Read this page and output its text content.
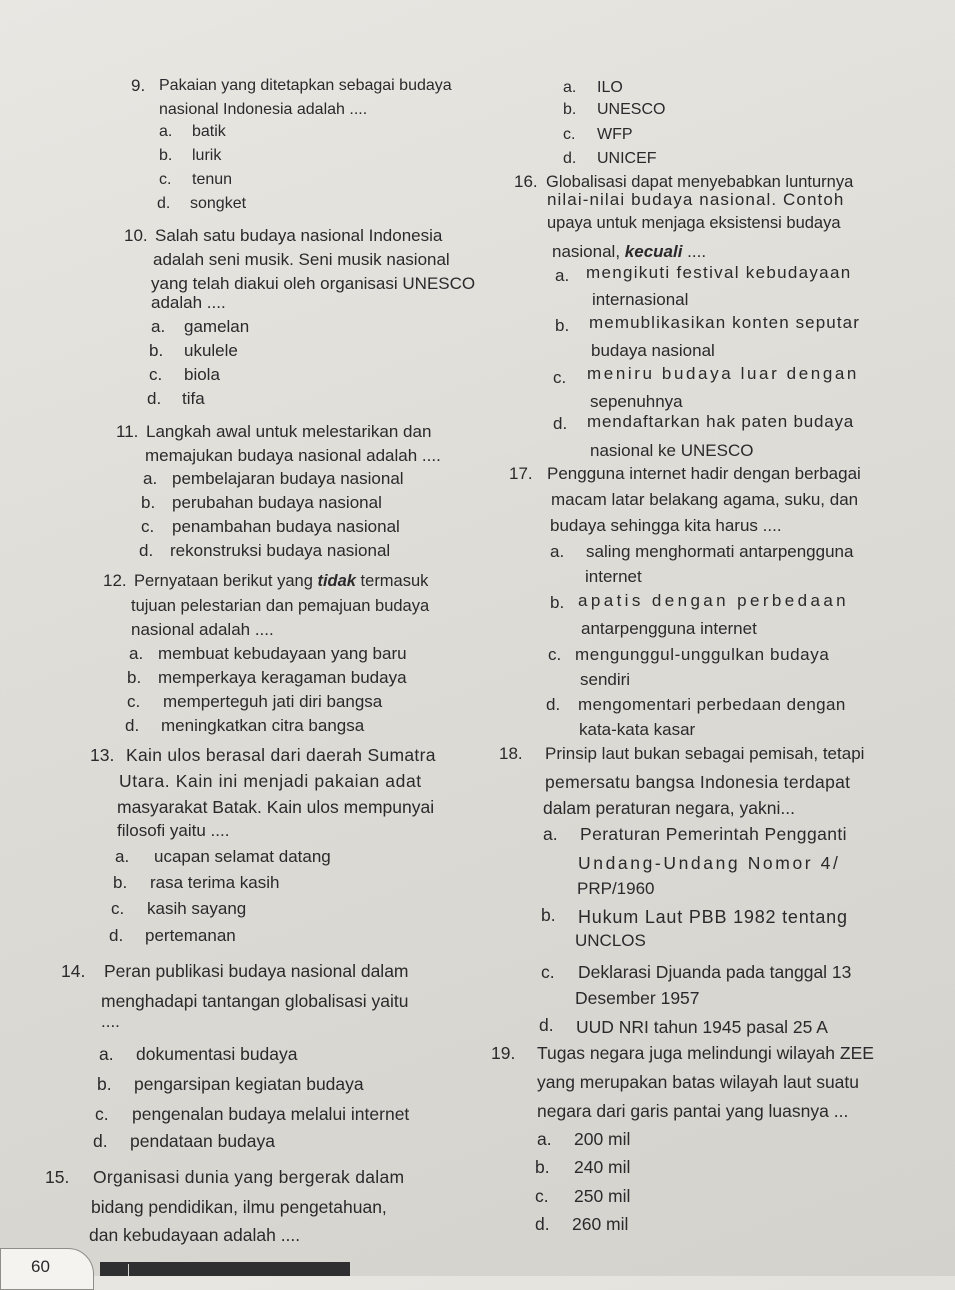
9. Pakaian yang ditetapkan sebagai budaya
nasional Indonesia adalah ....
a. batik
b. lurik
c. tenun
d. songket
10. Salah satu budaya nasional Indonesia
adalah seni musik. Seni musik nasional
yang telah diakui oleh organisasi UNESCO
adalah ....
a. gamelan
b. ukulele
c. biola
d. tifa
11. Langkah awal untuk melestarikan dan
memajukan budaya nasional adalah ....
a. pembelajaran budaya nasional
b. perubahan budaya nasional
c. penambahan budaya nasional
d. rekonstruksi budaya nasional
12. Pernyataan berikut yang tidak termasuk
tujuan pelestarian dan pemajuan budaya
nasional adalah ....
a. membuat kebudayaan yang baru
b. memperkaya keragaman budaya
c. memperteguh jati diri bangsa
d. meningkatkan citra bangsa
13. Kain ulos berasal dari daerah Sumatra
Utara. Kain ini menjadi pakaian adat
masyarakat Batak. Kain ulos mempunyai
filosofi yaitu ....
a. ucapan selamat datang
b. rasa terima kasih
c. kasih sayang
d. pertemanan
14. Peran publikasi budaya nasional dalam
menghadapi tantangan globalisasi yaitu
....
a. dokumentasi budaya
b. pengarsipan kegiatan budaya
c. pengenalan budaya melalui internet
d. pendataan budaya
15. Organisasi dunia yang bergerak dalam
bidang pendidikan, ilmu pengetahuan,
dan kebudayaan adalah ....
a. ILO
b. UNESCO
c. WFP
d. UNICEF
16. Globalisasi dapat menyebabkan lunturnya
nilai-nilai budaya nasional. Contoh
upaya untuk menjaga eksistensi budaya
nasional, kecuali ....
a. mengikuti festival kebudayaan
internasional
b. memublikasikan konten seputar
budaya nasional
c. meniru budaya luar dengan
sepenuhnya
d. mendaftarkan hak paten budaya
nasional ke UNESCO
17. Pengguna internet hadir dengan berbagai
macam latar belakang agama, suku, dan
budaya sehingga kita harus ....
a. saling menghormati antarpengguna
internet
b. apatis dengan perbedaan
antarpengguna internet
c. mengunggul-unggulkan budaya
sendiri
d. mengomentari perbedaan dengan
kata-kata kasar
18. Prinsip laut bukan sebagai pemisah, tetapi
pemersatu bangsa Indonesia terdapat
dalam peraturan negara, yakni...
a. Peraturan Pemerintah Pengganti
Undang-Undang Nomor 4/
PRP/1960
b. Hukum Laut PBB 1982 tentang
UNCLOS
c. Deklarasi Djuanda pada tanggal 13
Desember 1957
d. UUD NRI tahun 1945 pasal 25 A
19. Tugas negara juga melindungi wilayah ZEE
yang merupakan batas wilayah laut suatu
negara dari garis pantai yang luasnya ...
a. 200 mil
b. 240 mil
c. 250 mil
d. 260 mil
60
